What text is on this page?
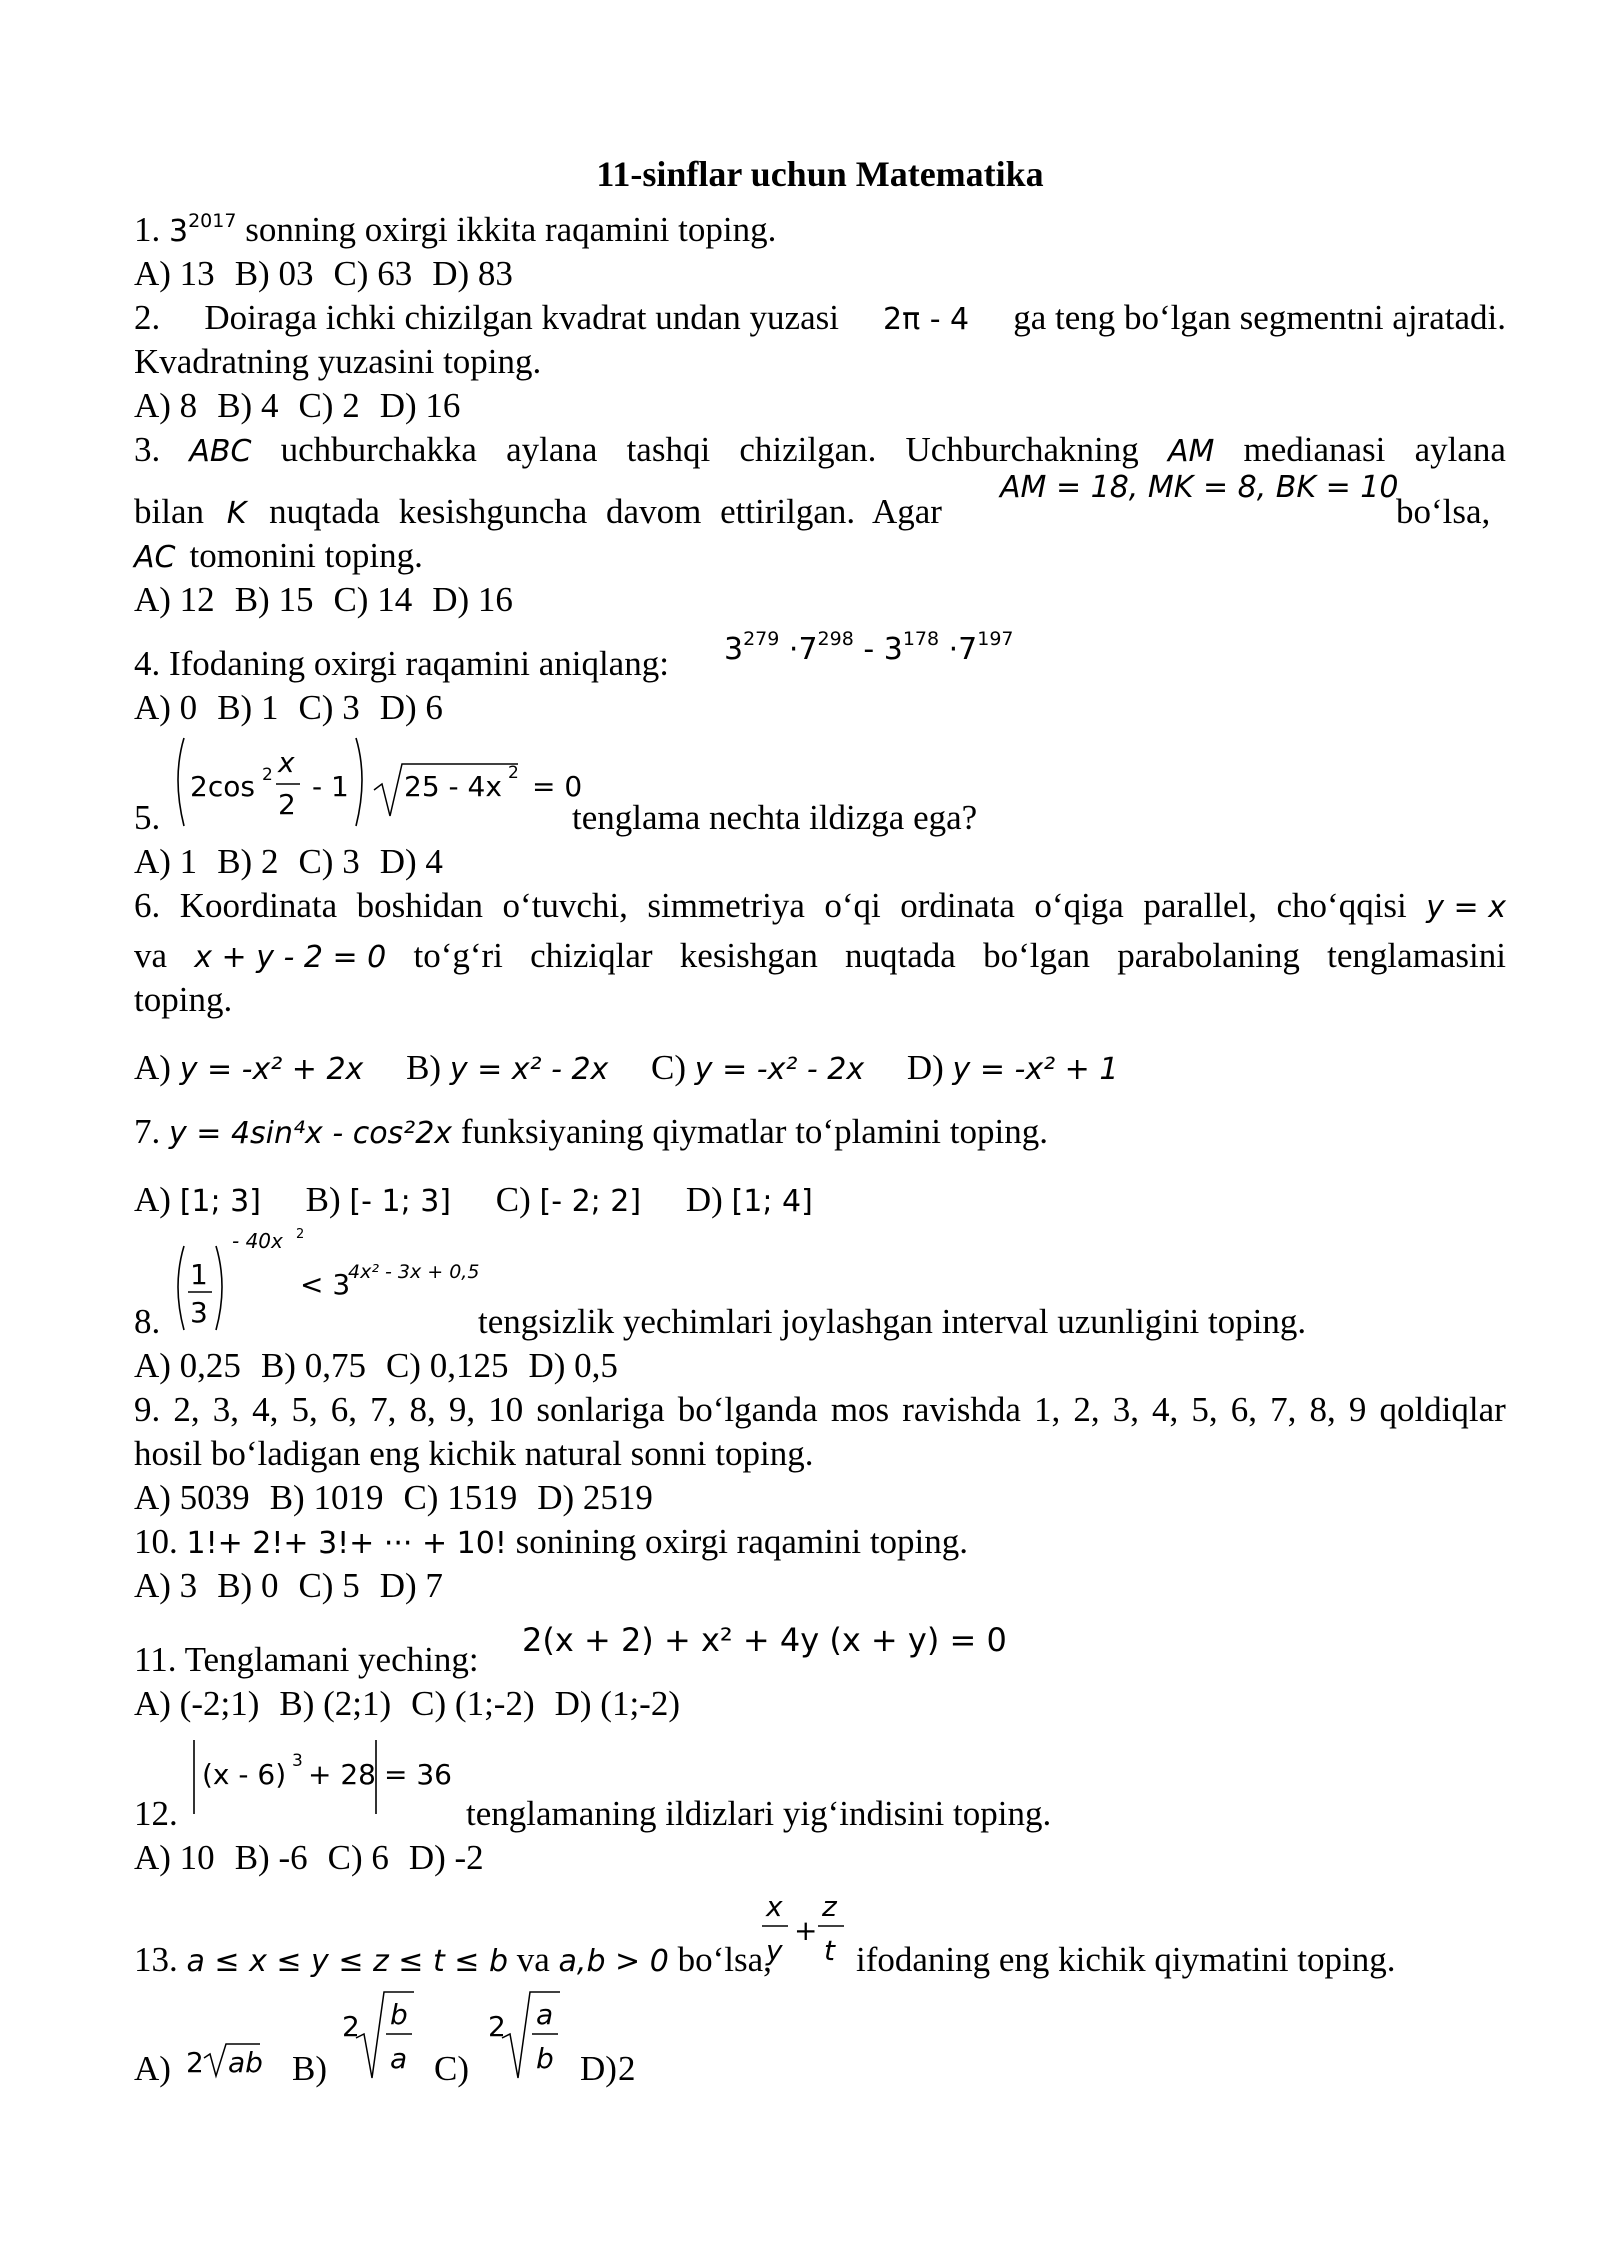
11-sinflar uchun Matematika
1. $3^{2017}$ sonning oxirgi ikkita raqamini toping.
A) 13 B) 03 C) 63 D) 83
2. Doiraga ichki chizilgan kvadrat undan yuzasi 2π - 4 ga teng bo‘lgan segmentni ajratadi.
Kvadratning yuzasini toping.
A) 8 B) 4 C) 2 D) 16
3. ABC uchburchakka aylana tashqi chizilgan. Uchburchakning AM medianasi aylana
AM = 18, MK = 8, BK = 10
bilan K nuqtada kesishguncha davom ettirilgan. Agar	bo‘lsa,
AC tomonini toping.
A) 12 B) 15 C) 14 D) 16
$3^{279} \cdot 7^{298} - 3^{178} \cdot 7^{197}$
4. Ifodaning oxirgi raqamini aniqlang:
A) 0 B) 1 C) 3 D) 6
2cos 2 x
2
- 1 25 - 4x 2 = 0
5.	tenglama nechta ildizga ega?
A) 1 B) 2 C) 3 D) 4
6. Koordinata boshidan o‘tuvchi, simmetriya o‘qi ordinata o‘qiga parallel, cho‘qqisi y = x
va x + y - 2 = 0 to‘g‘ri chiziqlar kesishgan nuqtada bo‘lgan parabolaning tenglamasini
toping.
A) y = -x² + 2x B) y = x² - 2x C) y = -x² - 2x D) y = -x² + 1
7. y = 4sin⁴x - cos²2x funksiyaning qiymatlar to‘plamini toping.
A) [1; 3] B) [- 1; 3] C) [- 2; 2] D) [1; 4]
1
3
- 40x 2
< 3
4x² - 3x + 0,5
8.	tengsizlik yechimlari joylashgan interval uzunligini toping.
A) 0,25 B) 0,75 C) 0,125 D) 0,5
9. 2, 3, 4, 5, 6, 7, 8, 9, 10 sonlariga bo‘lganda mos ravishda 1, 2, 3, 4, 5, 6, 7, 8, 9 qoldiqlar
hosil bo‘ladigan eng kichik natural sonni toping.
A) 5039 B) 1019 C) 1519 D) 2519
10. 1!+ 2!+ 3!+ ··· + 10! sonining oxirgi raqamini toping.
A) 3 B) 0 C) 5 D) 7
2(x + 2) + x² + 4y (x + y) = 0
11. Tenglamani yeching:
A) (-2;1) B) (2;1) C) (1;-2) D) (1;-2)
(x - 6) 3 + 28 = 36
12.	tenglamaning ildizlari yig‘indisini toping.
A) 10 B) -6 C) 6 D) -2
13. a ≤ x ≤ y ≤ z ≤ t ≤ b va a,b > 0 bo‘lsa,
x
y
+
z
t ifodaning eng kichik qiymatini toping.
A) 2 ab B)
2 b
a C)
2 a
b D) 2
